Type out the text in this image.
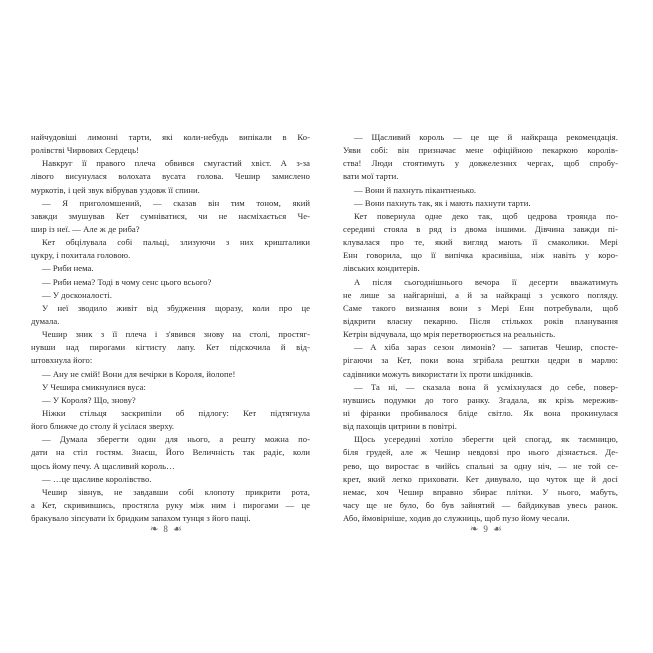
найчудовіші лимонні тарти, які коли-небудь випікали в Ко-
ролівстві Чирвових Сердець!
Навкруг її правого плеча обвився смугастий хвіст. А з-за
лівого висунулася волохата вусата голова. Чешир замислено
муркотів, і цей звук вібрував уздовж її спини.
— Я приголомшений, — сказав він тим тоном, який
завжди змушував Кет сумніватися, чи не насміхається Че-
шир із неї. — Але ж де риба?
Кет обцілувала собі пальці, злизуючи з них кришталики
цукру, і похитала головою.
— Риби нема.
— Риби нема? Тоді в чому сенс цього всього?
— У досконалості.
У неї зводило живіт від збудження щоразу, коли про це
думала.
Чешир зник з її плеча і з'явився знову на столі, простяг-
нувши над пирогами кігтисту лапу. Кет підскочила й від-
штовхнула його:
— Ану не смій! Вони для вечірки в Короля, йолопе!
У Чешира смикнулися вуса:
— У Короля? Що, знову?
Ніжки стільця заскрипіли об підлогу: Кет підтягнула
його ближче до столу й усілася зверху.
— Думала зберегти один для нього, а решту можна по-
дати на стіл гостям. Знаєш, Його Величність так радіє, коли
щось йому печу. А щасливий король…
— …це щасливе королівство.
Чешир зівнув, не завдавши собі клопоту прикрити рота,
а Кет, скривившись, простягла руку між ним і пирогами — це
бракувало зіпсувати їх бридким запахом тунця з його пащі.
— Щасливий король — це ще й найкраща рекомендація.
Уяви собі: він призначає мене офіційною пекаркою королів-
ства! Люди стоятимуть у довжелезних чергах, щоб спробу-
вати мої тарти.
— Вони й пахнуть пікантненько.
— Вони пахнуть так, як і мають пахнути тарти.
Кет повернула одне деко так, щоб цедрова троянда по-
середині стояла в ряд із двома іншими. Дівчина завжди пі-
клувалася про те, який вигляд мають її смаколики. Мері
Енн говорила, що її випічка красивіша, ніж навіть у коро-
лівських кондитерів.
А після сьогоднішнього вечора її десерти вважатимуть
не лише за найгарніші, а й за найкращі з усякого погляду.
Саме такого визнання вони з Мері Енн потребували, щоб
відкрити власну пекарню. Після стількох років планування
Кетрін відчувала, що мрія перетворюється на реальність.
— А хіба зараз сезон лимонів? — запитав Чешир, спосте-
рігаючи за Кет, поки вона згрібала рештки цедри в марлю:
садівники можуть використати їх проти шкідників.
— Та ні, — сказала вона й усміхнулася до себе, повер-
нувшись подумки до того ранку. Згадала, як крізь мережив-
ні фіранки пробивалося бліде світло. Як вона прокинулася
від пахощів цитрини в повітрі.
Щось усередині хотіло зберегти цей спогад, як таємницю,
біля грудей, але ж Чешир невдовзі про нього дізнається. Де-
рево, що виростає в чиїйсь спальні за одну ніч, — не той се-
крет, який легко приховати. Кет дивувало, що чуток ще й досі
немає, хоч Чешир вправно збирає плітки. У нього, мабуть,
часу ще не було, бо був зайнятий — байдикував увесь ранок.
Або, ймовірніше, ходив до служниць, щоб пузо йому чесали.
❧ 8 ☙	❧ 9 ☙
